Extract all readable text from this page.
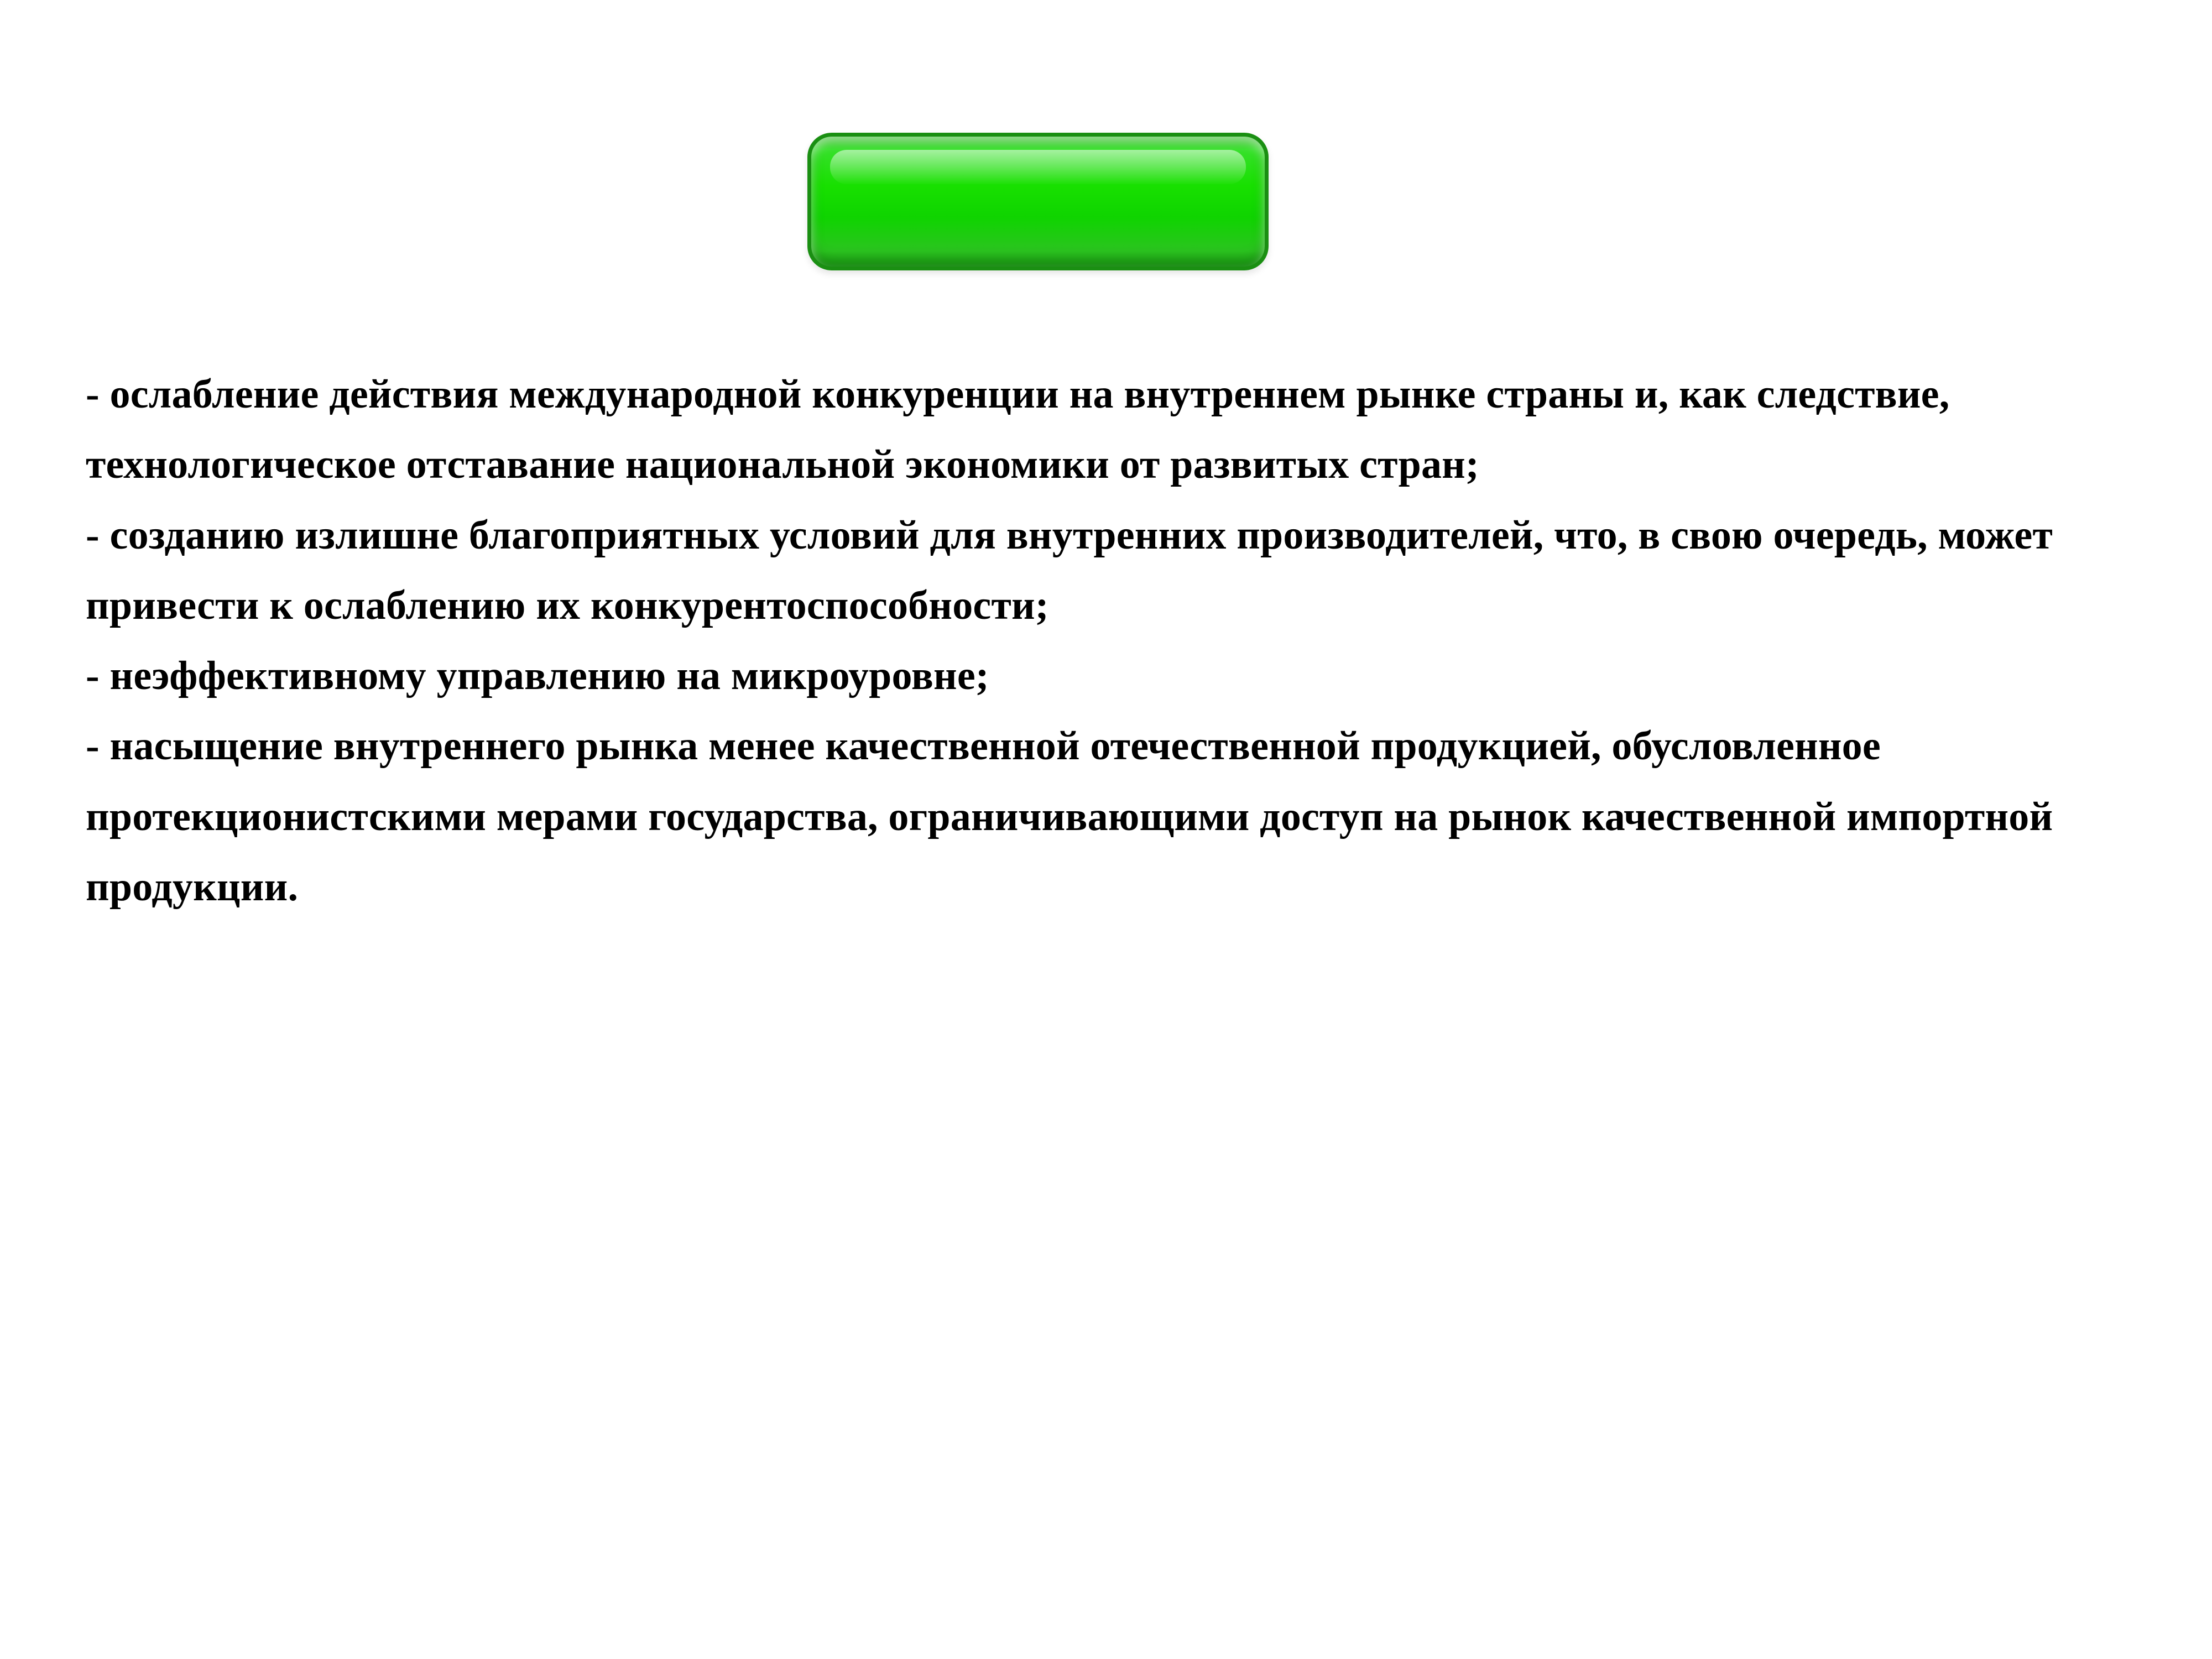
- ослабление действия международной конкуренции на внутреннем рынке страны и, как следствие, технологическое отставание национальной экономики от развитых стран;

- созданию излишне благоприятных условий для внутренних производителей, что, в свою очередь, может привести к ослаблению их конкурентоспособности;

- неэффективному управлению на микроуровне;

- насыщение внутреннего рынка менее качественной отечественной продукцией, обусловленное протекционистскими мерами государства, ограничивающими доступ на рынок качественной импортной продукции.
